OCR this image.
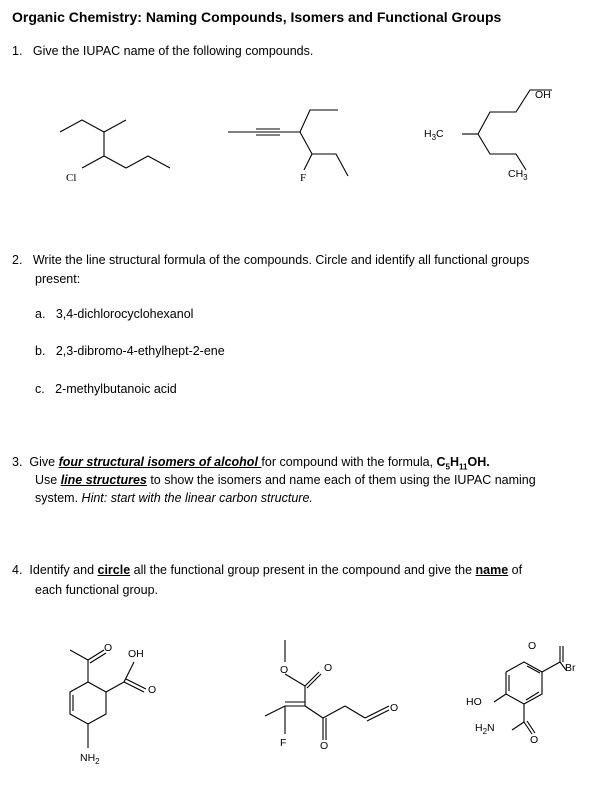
Organic Chemistry: Naming Compounds, Isomers and Functional Groups
1. Give the IUPAC name of the following compounds.
Cl	F
$H_3C$
OH
$CH_3$
2. Write the line structural formula of the compounds. Circle and identify all functional groups
present:
a. 3,4-dichlorocyclohexanol
b. 2,3-dibromo-4-ethylhept-2-ene
c. 2-methylbutanoic acid
3. Give four structural isomers of alcohol for compound with the formula, $C_5H_{11}OH$.
Use line structures to show the isomers and name each of them using the IUPAC naming
system. Hint: start with the linear carbon structure.
4. Identify and circle all the functional group present in the compound and give the name of
each functional group.
O OH
O
$NH_2$
O	O
F	O
O
O
Br
HO
$H_2N$
O
